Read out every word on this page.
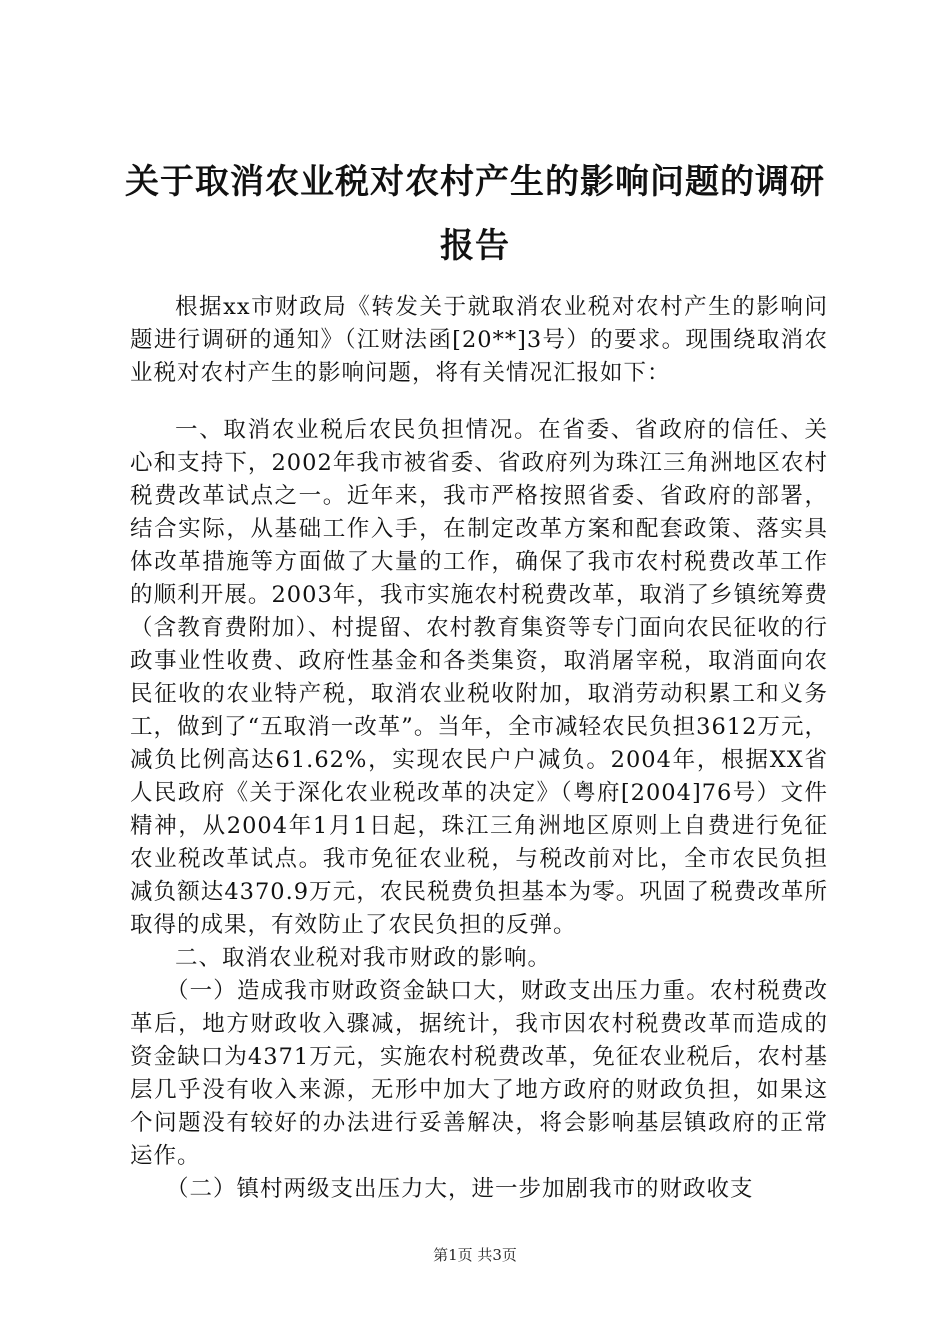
关于取消农业税对农村产生的影响问题的调研
报告

根据xx市财政局《转发关于就取消农业税对农村产生的影响问题进行调研的通知》（江财法函[20**]3号）的要求。现围绕取消农业税对农村产生的影响问题，将有关情况汇报如下：

一、取消农业税后农民负担情况。在省委、省政府的信任、关心和支持下，2002年我市被省委、省政府列为珠江三角洲地区农村税费改革试点之一。近年来，我市严格按照省委、省政府的部署，结合实际，从基础工作入手，在制定改革方案和配套政策、落实具体改革措施等方面做了大量的工作，确保了我市农村税费改革工作的顺利开展。2003年，我市实施农村税费改革，取消了乡镇统筹费（含教育费附加）、村提留、农村教育集资等专门面向农民征收的行政事业性收费、政府性基金和各类集资，取消屠宰税，取消面向农民征收的农业特产税，取消农业税收附加，取消劳动积累工和义务工，做到了“五取消一改革”。当年，全市减轻农民负担3612万元，减负比例高达61.62%，实现农民户户减负。2004年，根据XX省人民政府《关于深化农业税改革的决定》（粤府[2004]76号）文件精神，从2004年1月1日起，珠江三角洲地区原则上自费进行免征农业税改革试点。我市免征农业税，与税改前对比，全市农民负担减负额达4370.9万元，农民税费负担基本为零。巩固了税费改革所取得的成果，有效防止了农民负担的反弹。

二、取消农业税对我市财政的影响。

（一）造成我市财政资金缺口大，财政支出压力重。农村税费改革后，地方财政收入骤减，据统计，我市因农村税费改革而造成的资金缺口为4371万元，实施农村税费改革，免征农业税后，农村基层几乎没有收入来源，无形中加大了地方政府的财政负担，如果这个问题没有较好的办法进行妥善解决，将会影响基层镇政府的正常运作。

（二）镇村两级支出压力大，进一步加剧我市的财政收支

第1页 共3页
